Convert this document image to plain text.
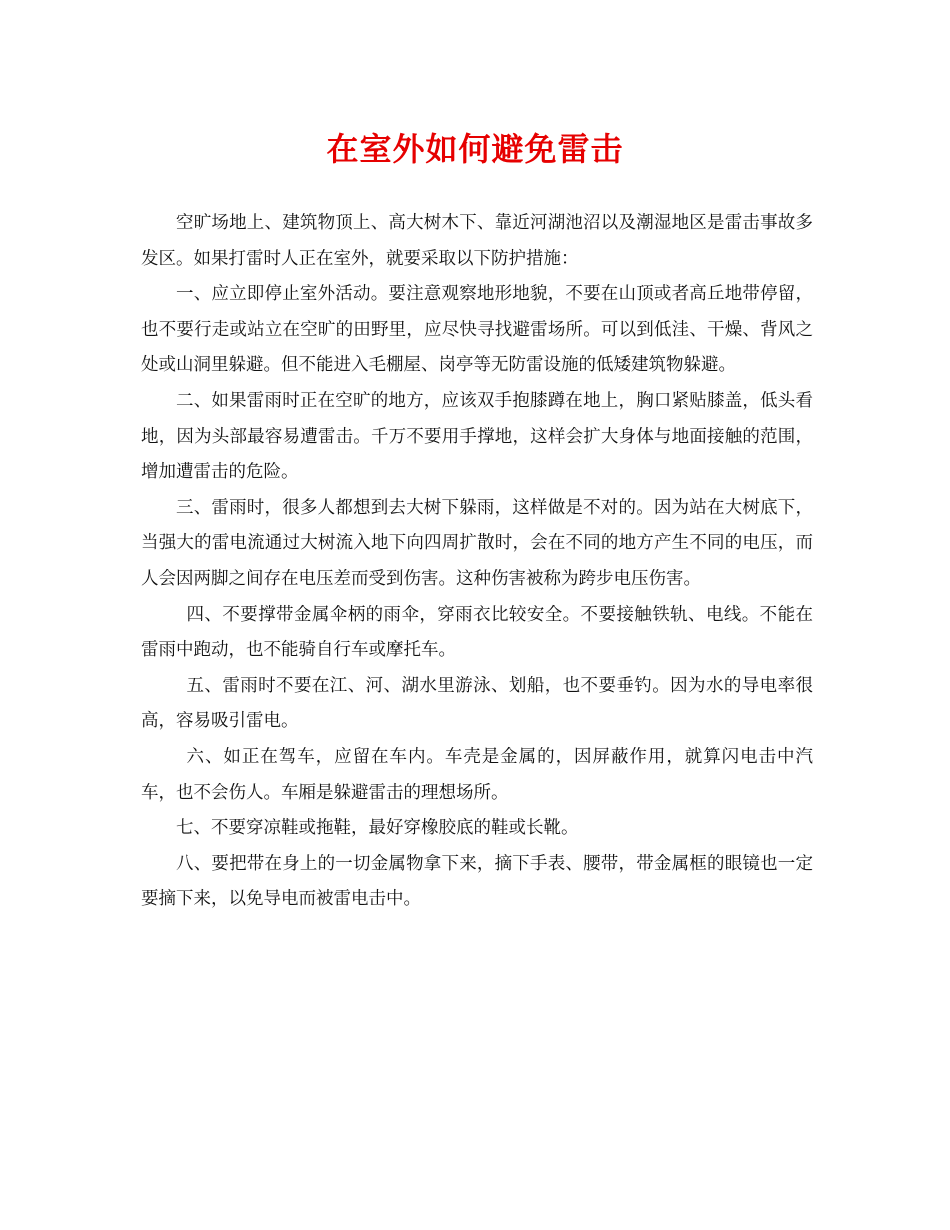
在室外如何避免雷击

空旷场地上、建筑物顶上、高大树木下、靠近河湖池沼以及潮湿地区是雷击事故多发区。如果打雷时人正在室外，就要采取以下防护措施：

一、应立即停止室外活动。要注意观察地形地貌，不要在山顶或者高丘地带停留，也不要行走或站立在空旷的田野里，应尽快寻找避雷场所。可以到低洼、干燥、背风之处或山洞里躲避。但不能进入毛棚屋、岗亭等无防雷设施的低矮建筑物躲避。

二、如果雷雨时正在空旷的地方，应该双手抱膝蹲在地上，胸口紧贴膝盖，低头看地，因为头部最容易遭雷击。千万不要用手撑地，这样会扩大身体与地面接触的范围，增加遭雷击的危险。

三、雷雨时，很多人都想到去大树下躲雨，这样做是不对的。因为站在大树底下，当强大的雷电流通过大树流入地下向四周扩散时，会在不同的地方产生不同的电压，而人会因两脚之间存在电压差而受到伤害。这种伤害被称为跨步电压伤害。

四、不要撑带金属伞柄的雨伞，穿雨衣比较安全。不要接触铁轨、电线。不能在雷雨中跑动，也不能骑自行车或摩托车。

五、雷雨时不要在江、河、湖水里游泳、划船，也不要垂钓。因为水的导电率很高，容易吸引雷电。

六、如正在驾车，应留在车内。车壳是金属的，因屏蔽作用，就算闪电击中汽车，也不会伤人。车厢是躲避雷击的理想场所。

七、不要穿凉鞋或拖鞋，最好穿橡胶底的鞋或长靴。

八、要把带在身上的一切金属物拿下来，摘下手表、腰带，带金属框的眼镜也一定要摘下来，以免导电而被雷电击中。
